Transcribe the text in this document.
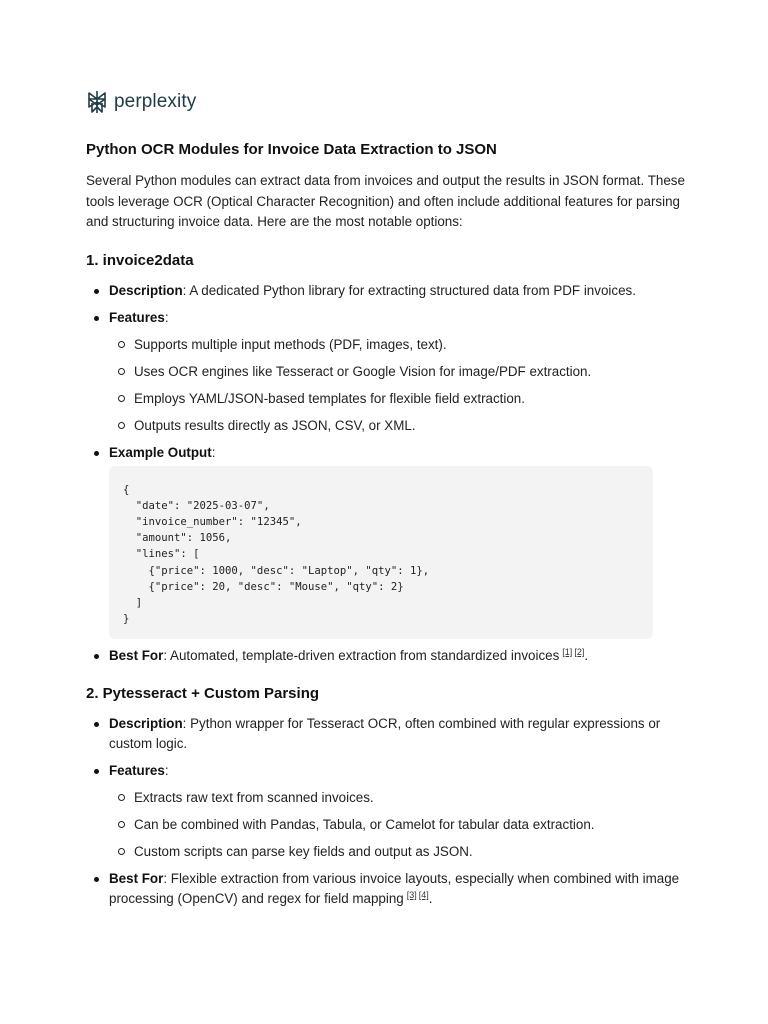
perplexity
Python OCR Modules for Invoice Data Extraction to JSON

Several Python modules can extract data from invoices and output the results in JSON format. These tools leverage OCR (Optical Character Recognition) and often include additional features for parsing and structuring invoice data. Here are the most notable options:

1. invoice2data
Description: A dedicated Python library for extracting structured data from PDF invoices.
Features:
Supports multiple input methods (PDF, images, text).
Uses OCR engines like Tesseract or Google Vision for image/PDF extraction.
Employs YAML/JSON-based templates for flexible field extraction.
Outputs results directly as JSON, CSV, or XML.
Example Output:
{
"date": "2025-03-07",
"invoice_number": "12345",
"amount": 1056,
"lines": [
{"price": 1000, "desc": "Laptop", "qty": 1},
{"price": 20, "desc": "Mouse", "qty": 2}
]
}
Best For: Automated, template-driven extraction from standardized invoices [1] [2].
2. Pytesseract + Custom Parsing
Description: Python wrapper for Tesseract OCR, often combined with regular expressions or custom logic.
Features:
Extracts raw text from scanned invoices.
Can be combined with Pandas, Tabula, or Camelot for tabular data extraction.
Custom scripts can parse key fields and output as JSON.
Best For: Flexible extraction from various invoice layouts, especially when combined with image processing (OpenCV) and regex for field mapping [3] [4].
